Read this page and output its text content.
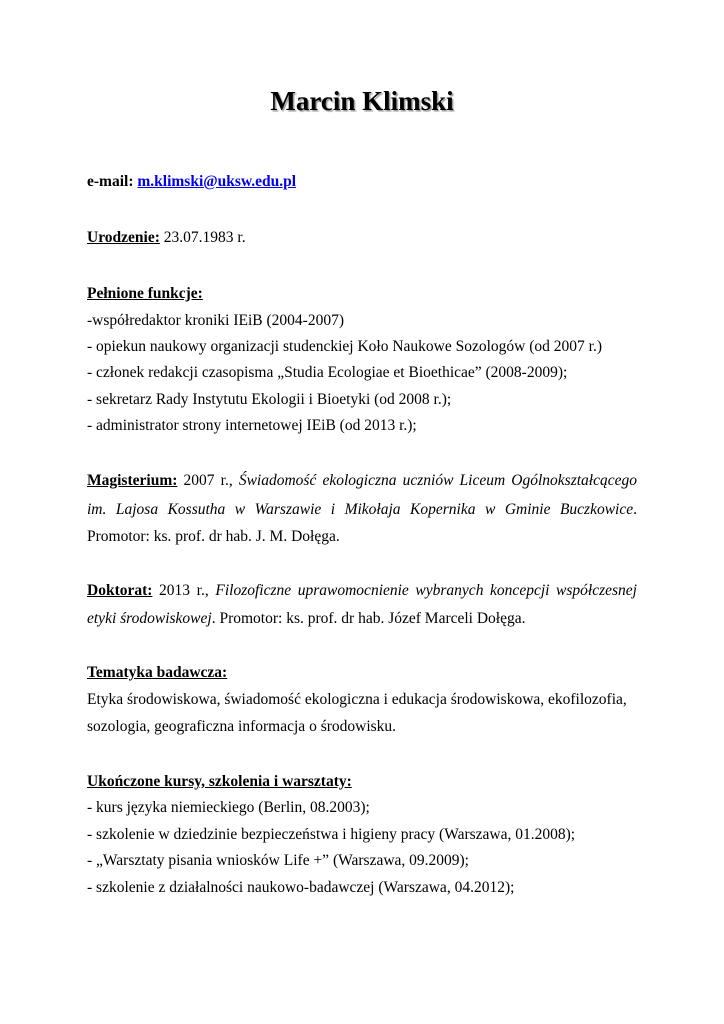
Marcin Klimski
e-mail: m.klimski@uksw.edu.pl
Urodzenie: 23.07.1983 r.
Pełnione funkcje:
-współredaktor kroniki IEiB (2004-2007)
- opiekun naukowy organizacji studenckiej Koło Naukowe Sozologów (od 2007 r.)
- członek redakcji czasopisma „Studia Ecologiae et Bioethicae” (2008-2009);
- sekretarz Rady Instytutu Ekologii i Bioetyki (od 2008 r.);
- administrator strony internetowej IEiB (od 2013 r.);
Magisterium: 2007 r., Świadomość ekologiczna uczniów Liceum Ogólnokształcącego
im. Lajosa Kossutha w Warszawie i Mikołaja Kopernika w Gminie Buczkowice.
Promotor: ks. prof. dr hab. J. M. Dołęga.
Doktorat: 2013 r., Filozoficzne uprawomocnienie wybranych koncepcji współczesnej
etyki środowiskowej. Promotor: ks. prof. dr hab. Józef Marceli Dołęga.
Tematyka badawcza:
Etyka środowiskowa, świadomość ekologiczna i edukacja środowiskowa, ekofilozofia,
sozologia, geograficzna informacja o środowisku.
Ukończone kursy, szkolenia i warsztaty:
- kurs języka niemieckiego (Berlin, 08.2003);
- szkolenie w dziedzinie bezpieczeństwa i higieny pracy (Warszawa, 01.2008);
- „Warsztaty pisania wniosków Life +” (Warszawa, 09.2009);
- szkolenie z działalności naukowo-badawczej (Warszawa, 04.2012);
